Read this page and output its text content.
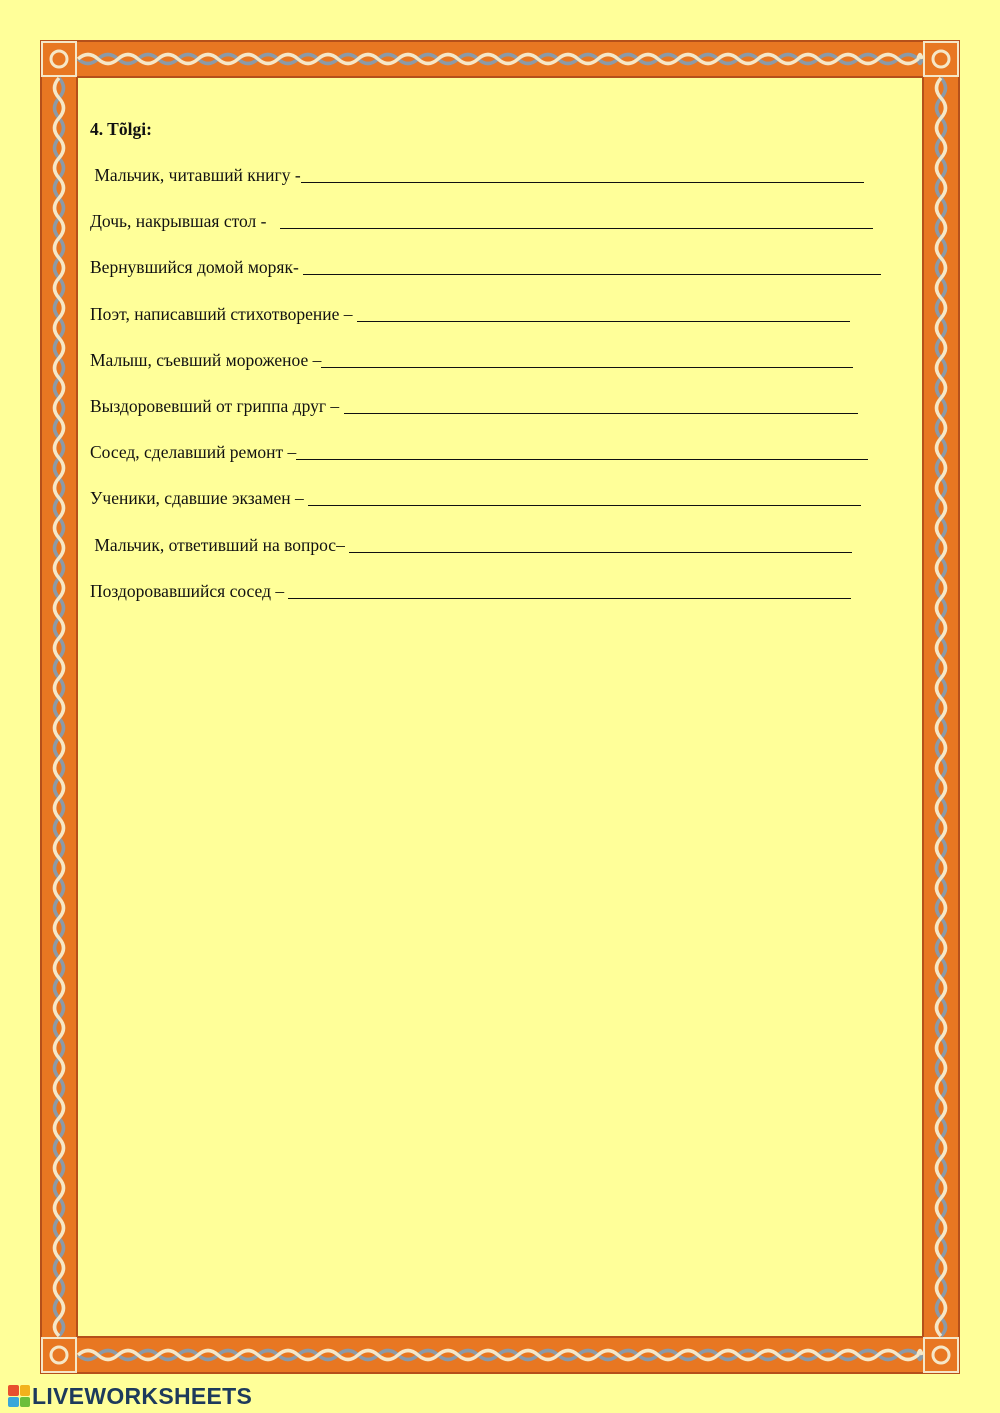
4. Tõlgi:
Мальчик, читавший книгу -
Дочь, накрывшая стол -
Вернувшийся домой моряк-
Поэт, написавший стихотворение –
Малыш, съевший мороженое –
Выздоровевший от гриппа друг –
Сосед, сделавший ремонт –
Ученики, сдавшие экзамен –
Мальчик, ответивший на вопрос–
Поздоровавшийся сосед –
LIVEWORKSHEETS
